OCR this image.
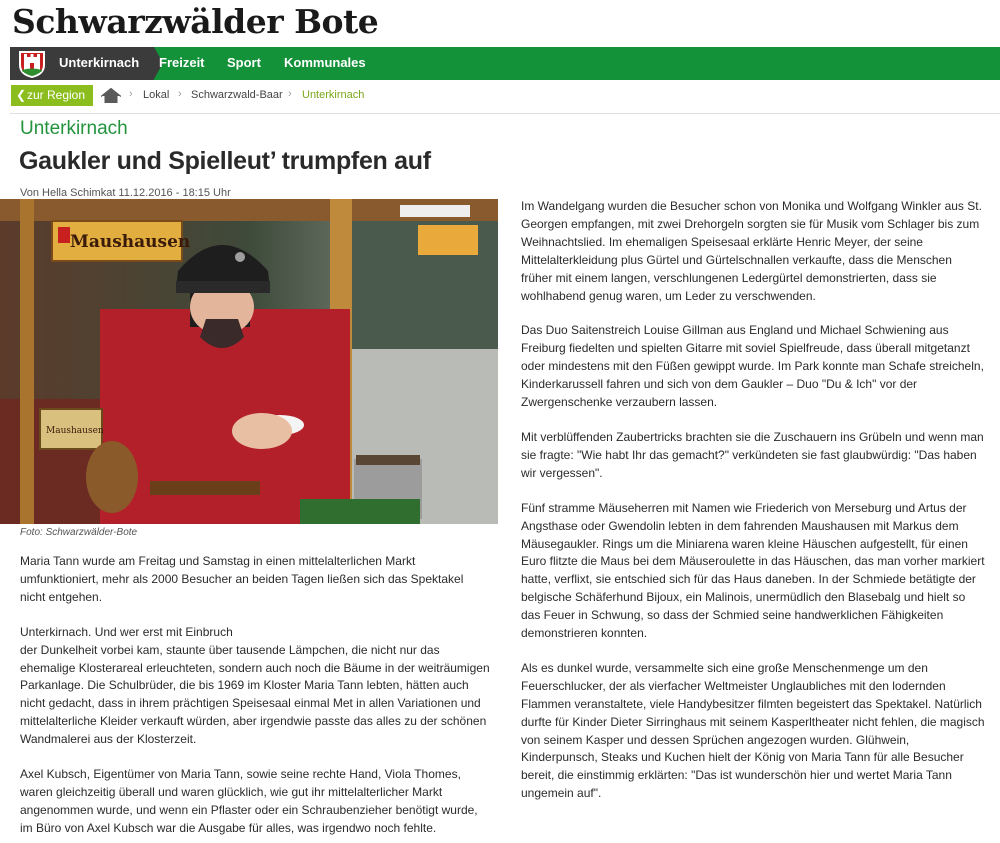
Schwarzwälder Bote
Unterkirnach Freizeit Sport Kommunales
❮ zur Region	› Lokal › Schwarzwald-Baar › Unterkirnach
Unterkirnach
Gaukler und Spielleut’ trumpfen auf
Von Hella Schimkat 11.12.2016 - 18:15 Uhr
Maushausen
Maushausen
Foto: Schwarzwälder-Bote

Maria Tann wurde am Freitag und Samstag in einen mittelalterlichen Markt umfunktioniert, mehr als 2000 Besucher an beiden Tagen ließen sich das Spektakel nicht entgehen.

Unterkirnach. Und wer erst mit Einbruch

der Dunkelheit vorbei kam, staunte über tausende Lämpchen, die nicht nur das ehemalige Klosterareal erleuchteten, sondern auch noch die Bäume in der weiträumigen Parkanlage. Die Schulbrüder, die bis 1969 im Kloster Maria Tann lebten, hätten auch nicht gedacht, dass in ihrem prächtigen Speisesaal einmal Met in allen Variationen und mittelalterliche Kleider verkauft würden, aber irgendwie passte das alles zu der schönen Wandmalerei aus der Klosterzeit.

Axel Kubsch, Eigentümer von Maria Tann, sowie seine rechte Hand, Viola Thomes, waren gleichzeitig überall und waren glücklich, wie gut ihr mittelalterlicher Markt angenommen wurde, und wenn ein Pflaster oder ein Schraubenzieher benötigt wurde, im Büro von Axel Kubsch war die Ausgabe für alles, was irgendwo noch fehlte.

Im Wandelgang wurden die Besucher schon von Monika und Wolfgang Winkler aus St. Georgen empfangen, mit zwei Drehorgeln sorgten sie für Musik vom Schlager bis zum Weihnachtslied. Im ehemaligen Speisesaal erklärte Henric Meyer, der seine Mittelalterkleidung plus Gürtel und Gürtelschnallen verkaufte, dass die Menschen früher mit einem langen, verschlungenen Ledergürtel demonstrierten, dass sie wohlhabend genug waren, um Leder zu verschwenden.

Das Duo Saitenstreich Louise Gillman aus England und Michael Schwiening aus Freiburg fiedelten und spielten Gitarre mit soviel Spielfreude, dass überall mitgetanzt oder mindestens mit den Füßen gewippt wurde. Im Park konnte man Schafe streicheln, Kinderkarussell fahren und sich von dem Gaukler – Duo "Du & Ich" vor der Zwergenschenke verzaubern lassen.

Mit verblüffenden Zaubertricks brachten sie die Zuschauern ins Grübeln und wenn man sie fragte: "Wie habt Ihr das gemacht?" verkündeten sie fast glaubwürdig: "Das haben wir vergessen".

Fünf stramme Mäuseherren mit Namen wie Friederich von Merseburg und Artus der Angsthase oder Gwendolin lebten in dem fahrenden Maushausen mit Markus dem Mäusegaukler. Rings um die Miniarena waren kleine Häuschen aufgestellt, für einen Euro flitzte die Maus bei dem Mäuseroulette in das Häuschen, das man vorher markiert hatte, verflixt, sie entschied sich für das Haus daneben. In der Schmiede betätigte der belgische Schäferhund Bijoux, ein Malinois, unermüdlich den Blasebalg und hielt so das Feuer in Schwung, so dass der Schmied seine handwerklichen Fähigkeiten demonstrieren konnten.

Als es dunkel wurde, versammelte sich eine große Menschenmenge um den Feuerschlucker, der als vierfacher Weltmeister Unglaubliches mit den lodernden Flammen veranstaltete, viele Handybesitzer filmten begeistert das Spektakel. Natürlich durfte für Kinder Dieter Sirringhaus mit seinem Kasperltheater nicht fehlen, die magisch von seinem Kasper und dessen Sprüchen angezogen wurden. Glühwein, Kinderpunsch, Steaks und Kuchen hielt der König von Maria Tann für alle Besucher bereit, die einstimmig erklärten: "Das ist wunderschön hier und wertet Maria Tann ungemein auf".
